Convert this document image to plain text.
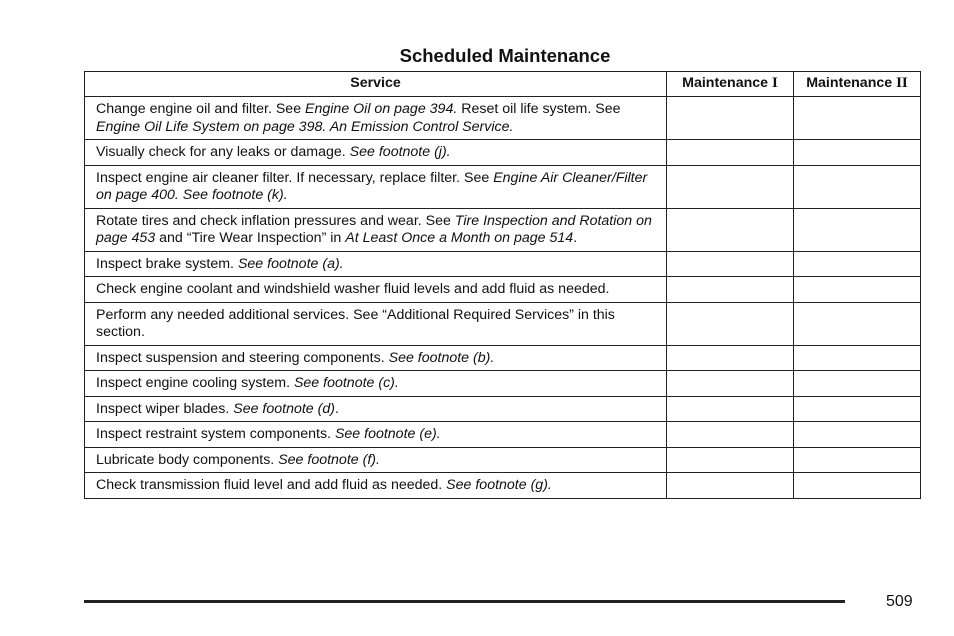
Scheduled Maintenance
Service	Maintenance I	Maintenance II
Change engine oil and filter. See Engine Oil on page 394. Reset oil life system. See Engine Oil Life System on page 398. An Emission Control Service.		
Visually check for any leaks or damage. See footnote (j).		
Inspect engine air cleaner filter. If necessary, replace filter. See Engine Air Cleaner/Filter on page 400. See footnote (k).		
Rotate tires and check inflation pressures and wear. See Tire Inspection and Rotation on page 453 and “Tire Wear Inspection” in At Least Once a Month on page 514.		
Inspect brake system. See footnote (a).		
Check engine coolant and windshield washer fluid levels and add fluid as needed.		
Perform any needed additional services. See “Additional Required Services” in this section.		
Inspect suspension and steering components. See footnote (b).		
Inspect engine cooling system. See footnote (c).		
Inspect wiper blades. See footnote (d).		
Inspect restraint system components. See footnote (e).		
Lubricate body components. See footnote (f).		
Check transmission fluid level and add fluid as needed. See footnote (g).		
509
